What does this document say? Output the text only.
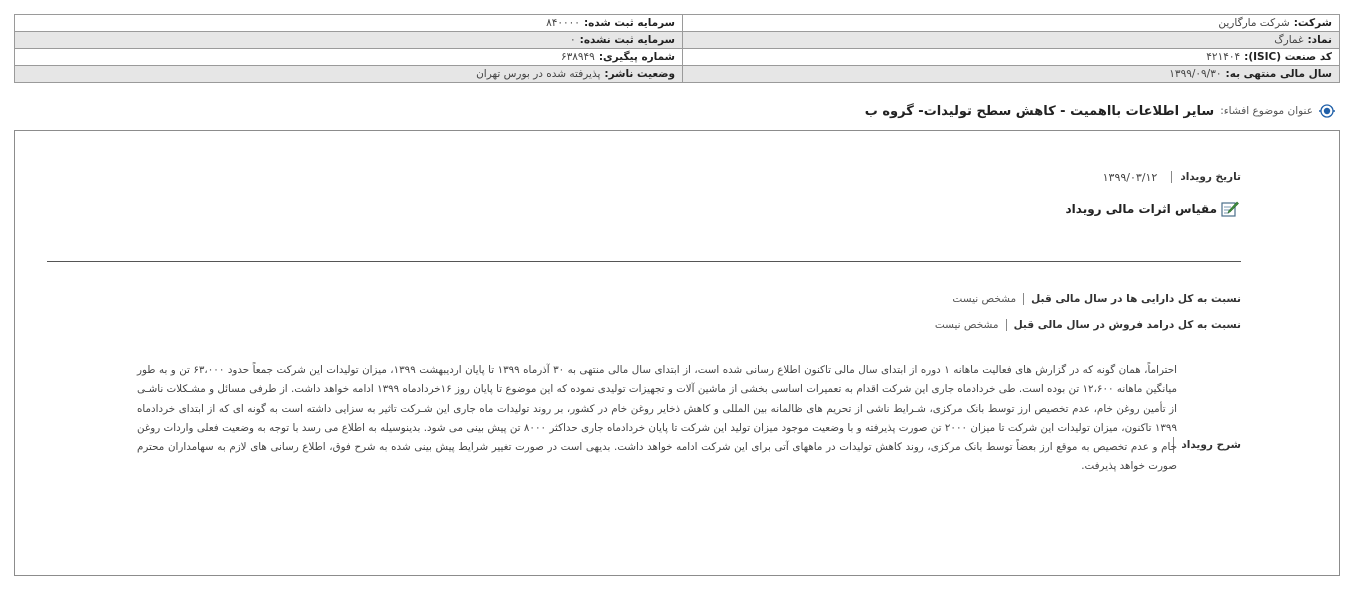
شرکت:شرکت مارگارین	سرمایه ثبت شده:۸۴۰۰۰۰
نماد:غمارگ	سرمایه ثبت نشده:۰
کد صنعت (ISIC):۴۲۱۴۰۴	شماره پیگیری:۶۳۸۹۴۹
سال مالی منتهی به:۱۳۹۹/۰۹/۳۰	وضعیت ناشر:پذیرفته شده در بورس تهران
عنوان موضوع افشاء:
سایر اطلاعات بااهمیت - کاهش سطح تولیدات- گروه ب
تاریخ رویداد
۱۳۹۹/۰۳/۱۲
مقیاس اثرات مالی رویداد
نسبت به کل دارایی ها در سال مالی قبل
مشخص نیست
نسبت به کل درامد فروش در سال مالی قبل
مشخص نیست
شرح رویداد
احتراماً، همان گونه که در گزارش های فعالیت ماهانه ۱ دوره از ابتدای سال مالی تاکنون اطلاع رسانی شده است، از ابتدای سال مالی منتهی به ۳۰ آذرماه ۱۳۹۹ تا پایان اردیبهشت ۱۳۹۹، میزان تولیدات این شرکت جمعاً حدود ۶۳،۰۰۰ تن و به طور میانگین ماهانه ۱۲،۶۰۰ تن بوده است. طی خردادماه جاری این شرکت اقدام به تعمیرات اساسی بخشی از ماشین آلات و تجهیزات تولیدی نموده که این موضوع تا پایان روز ۱۶خردادماه ۱۳۹۹ ادامه خواهد داشت. از طرفی مسائل و مشـکلات ناشـی از تأمین روغن خام، عدم تخصیص ارز توسط بانک مرکزی، شـرایط ناشی از تحریم های ظالمانه بین المللی و کاهش ذخایر روغن خام در کشور، بر روند تولیدات ماه جاری این شـرکت تاثیر به سزایی داشته است به گونه ای که از ابتدای خردادماه ۱۳۹۹ تاکنون، میزان تولیدات این شرکت تا میزان ۲۰۰۰ تن صورت پذیرفته و با وضعیت موجود میزان تولید این شرکت تا پایان خردادماه جاری حداکثر ۸۰۰۰ تن پیش بینی می شود. بدینوسیله به اطلاع می رسد با توجه به وضعیت فعلی واردات روغن خام و عدم تخصیص به موقع ارز بعضاً توسط بانک مرکزی، روند کاهش تولیدات در ماههای آتی برای این شرکت ادامه خواهد داشت. بدیهی است در صورت تغییر شرایط پیش بینی شده به شرح فوق، اطلاع رسانی های لازم به سهامداران محترم صورت خواهد پذیرفت.
